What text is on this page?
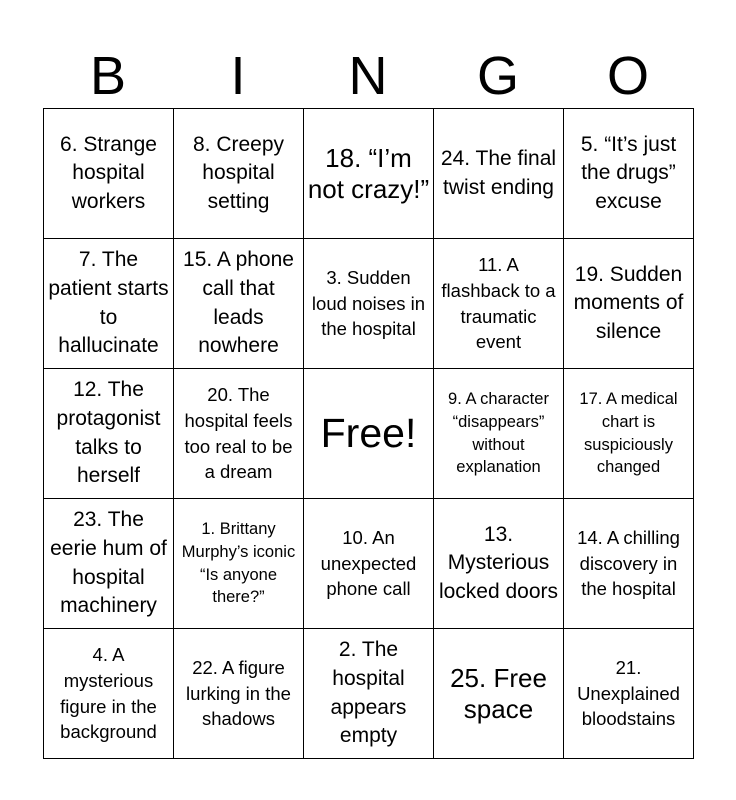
B	I	N	G	O
6. Strange hospital workers	8. Creepy hospital setting	18. “I’m not crazy!”	24. The final twist ending	5. “It’s just the drugs” excuse

7. The patient starts to hallucinate	15. A phone call that leads nowhere	3. Sudden loud noises in the hospital	11. A flashback to a traumatic event	19. Sudden moments of silence

12. The protagonist talks to herself	20. The hospital feels too real to be a dream	Free!	9. A character “disappears” without explanation	17. A medical chart is suspiciously changed

23. The eerie hum of hospital machinery	1. Brittany Murphy’s iconic “Is anyone there?”	10. An unexpected phone call	13. Mysterious locked doors	14. A chilling discovery in the hospital

4. A mysterious figure in the background	22. A figure lurking in the shadows	2. The hospital appears empty	25. Free space	21. Unexplained bloodstains
